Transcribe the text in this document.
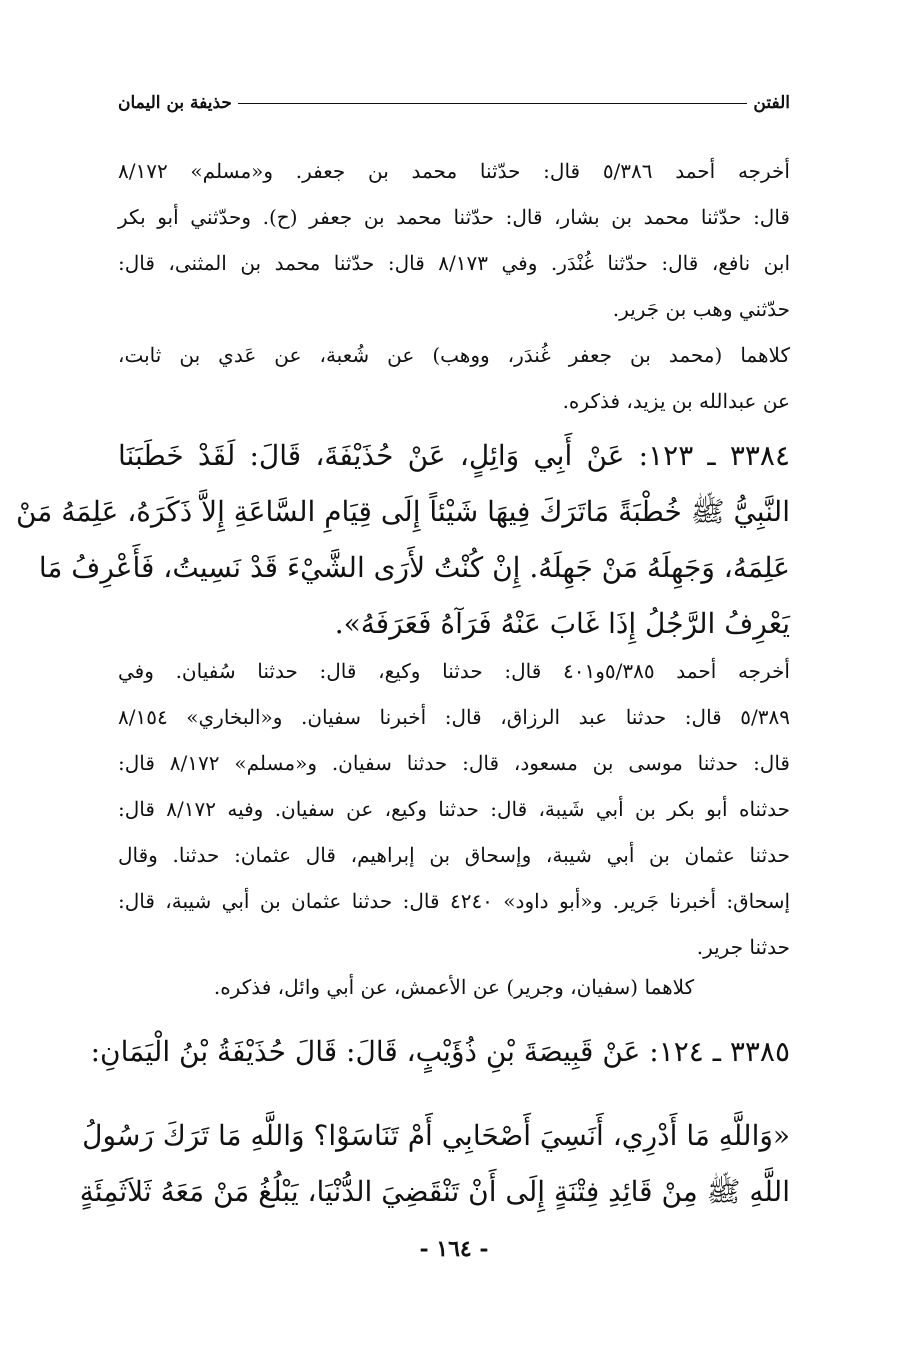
الفتن
حذيفة بن اليمان
أخرجه أحمد ٥/٣٨٦ قال: حدّثنا محمد بن جعفر. و«مسلم» ٨/١٧٢
قال: حدّثنا محمد بن بشار، قال: حدّثنا محمد بن جعفر (ح). وحدّثني أبو بكر
ابن نافع، قال: حدّثنا غُنْدَر. وفي ٨/١٧٣ قال: حدّثنا محمد بن المثنى، قال:
حدّثني وهب بن جَرير.
كلاهما (محمد بن جعفر غُندَر، ووهب) عن شُعبة، عن عَدي بن ثابت،
عن عبدالله بن يزيد، فذكره.
٣٣٨٤ ـ ١٢٣: عَنْ أَبِي وَائِلٍ، عَنْ حُذَيْفَةَ، قَالَ: لَقَدْ خَطَبَنَا
النَّبِيُّ ﷺ خُطْبَةً مَاتَرَكَ فِيهَا شَيْئاً إِلَى قِيَامِ السَّاعَةِ إِلاَّ ذَكَرَهُ، عَلِمَهُ مَنْ
عَلِمَهُ، وَجَهِلَهُ مَنْ جَهِلَهُ. إِنْ كُنْتُ لأَرَى الشَّيْءَ قَدْ نَسِيتُ، فَأَعْرِفُ مَا
يَعْرِفُ الرَّجُلُ إِذَا غَابَ عَنْهُ فَرَآهُ فَعَرَفَهُ».
أخرجه أحمد ٥/٣٨٥و٤٠١ قال: حدثنا وكيع، قال: حدثنا سُفيان. وفي
٥/٣٨٩ قال: حدثنا عبد الرزاق، قال: أخبرنا سفيان. و«البخاري» ٨/١٥٤
قال: حدثنا موسى بن مسعود، قال: حدثنا سفيان. و«مسلم» ٨/١٧٢ قال:
حدثناه أبو بكر بن أبي شَيبة، قال: حدثنا وكيع، عن سفيان. وفيه ٨/١٧٢ قال:
حدثنا عثمان بن أبي شيبة، وإسحاق بن إبراهيم، قال عثمان: حدثنا. وقال
إسحاق: أخبرنا جَرير. و«أبو داود» ٤٢٤٠ قال: حدثنا عثمان بن أبي شيبة، قال:
حدثنا جرير.
كلاهما (سفيان، وجرير) عن الأعمش، عن أبي وائل، فذكره.
٣٣٨٥ ـ ١٢٤: عَنْ قَبِيصَةَ بْنِ ذُؤَيْبٍ، قَالَ: قَالَ حُذَيْفَةُ بْنُ الْيَمَانِ:
«وَاللَّهِ مَا أَدْرِي، أَنَسِيَ أَصْحَابِي أَمْ تَنَاسَوْا؟ وَاللَّهِ مَا تَرَكَ رَسُولُ
اللَّهِ ﷺ مِنْ قَائِدِ فِتْنَةٍ إِلَى أَنْ تَنْقَضِيَ الدُّنْيَا، يَبْلُغُ مَنْ مَعَهُ ثَلاَثَمِئَةٍ
- ١٦٤ -
